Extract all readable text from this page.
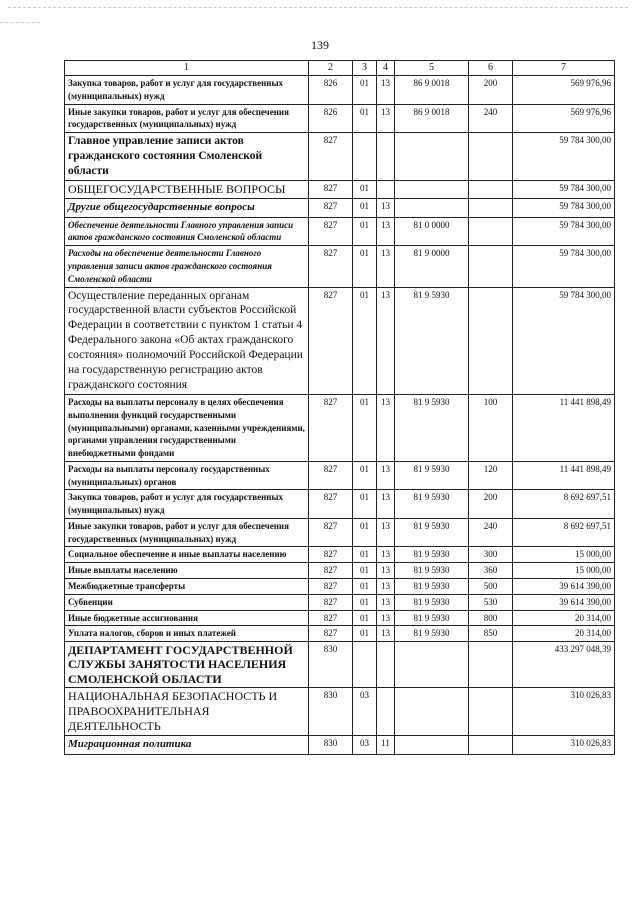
139
1	2	3	4	5	6	7
Закупка товаров, работ и услуг для государственных (муниципальных) нужд	826	01	13	86 9 0018	200	569 976,96
Иные закупки товаров, работ и услуг для обеспечения государственных (муниципальных) нужд	826	01	13	86 9 0018	240	569 976,96
Главное управление записи актов гражданского состояния Смоленской области	827					59 784 300,00
ОБЩЕГОСУДАРСТВЕННЫЕ ВОПРОСЫ	827	01				59 784 300,00
Другие общегосударственные вопросы	827	01	13			59 784 300,00
Обеспечение деятельности Главного управления записи актов гражданского состояния Смоленской области	827	01	13	81 0 0000		59 784 300,00
Расходы на обеспечение деятельности Главного управления записи актов гражданского состояния Смоленской области	827	01	13	81 9 0000		59 784 300,00
Осуществление переданных органам государственной власти субъектов Российской Федерации в соответствии с пунктом 1 статьи 4 Федерального закона «Об актах гражданского состояния» полномочий Российской Федерации на государственную регистрацию актов гражданского состояния	827	01	13	81 9 5930		59 784 300,00
Расходы на выплаты персоналу в целях обеспечения выполнения функций государственными (муниципальными) органами, казенными учреждениями, органами управления государственными внебюджетными фондами	827	01	13	81 9 5930	100	11 441 898,49
Расходы на выплаты персоналу государственных (муниципальных) органов	827	01	13	81 9 5930	120	11 441 898,49
Закупка товаров, работ и услуг для государственных (муниципальных) нужд	827	01	13	81 9 5930	200	8 692 697,51
Иные закупки товаров, работ и услуг для обеспечения государственных (муниципальных) нужд	827	01	13	81 9 5930	240	8 692 697,51
Социальное обеспечение и иные выплаты населению	827	01	13	81 9 5930	300	15 000,00
Иные выплаты населению	827	01	13	81 9 5930	360	15 000,00
Межбюджетные трансферты	827	01	13	81 9 5930	500	39 614 390,00
Субвенции	827	01	13	81 9 5930	530	39 614 390,00
Иные бюджетные ассигнования	827	01	13	81 9 5930	800	20 314,00
Уплата налогов, сборов и иных платежей	827	01	13	81 9 5930	850	20 314,00
ДЕПАРТАМЕНТ ГОСУДАРСТВЕННОЙ СЛУЖБЫ ЗАНЯТОСТИ НАСЕЛЕНИЯ СМОЛЕНСКОЙ ОБЛАСТИ	830					433 297 048,39
НАЦИОНАЛЬНАЯ БЕЗОПАСНОСТЬ И ПРАВООХРАНИТЕЛЬНАЯ ДЕЯТЕЛЬНОСТЬ	830	03				310 026,83
Миграционная политика	830	03	11			310 026,83
